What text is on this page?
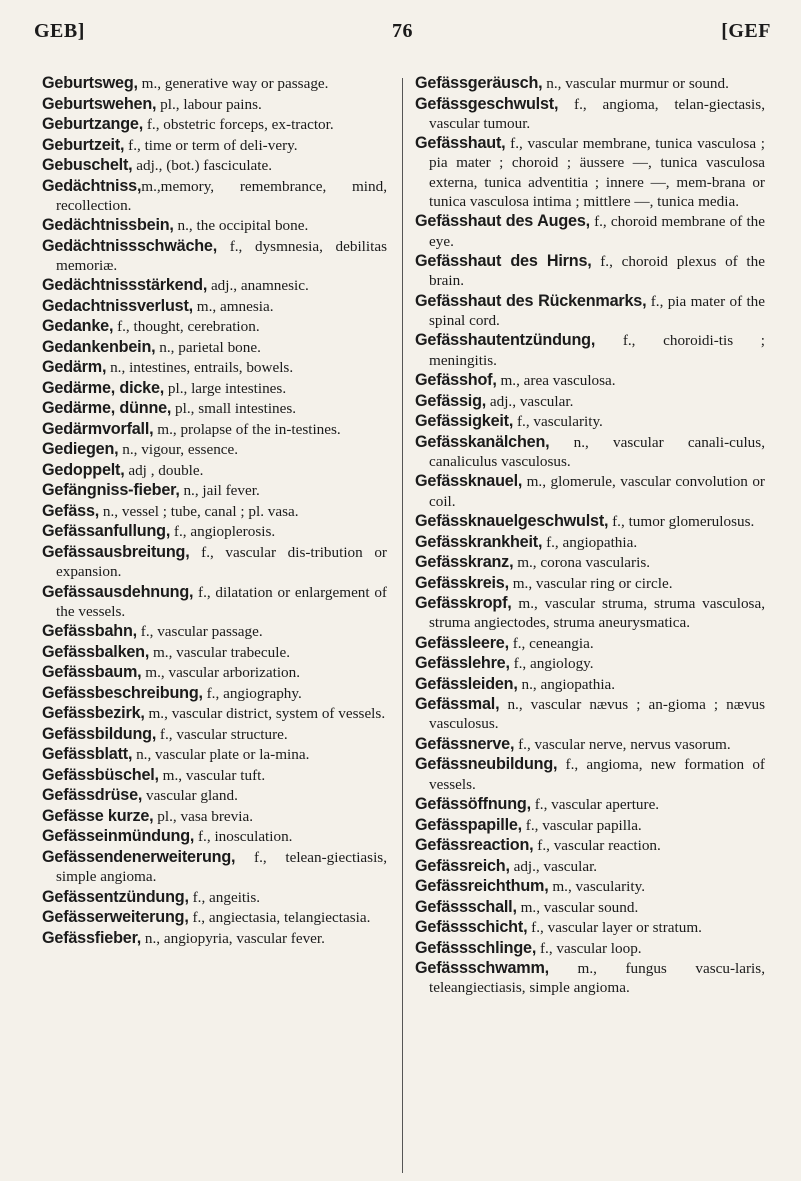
GEB]	76	[GEF

Geburtsweg, m., generative way or passage.

Geburtswehen, pl., labour pains.

Geburtzange, f., obstetric forceps, ex-tractor.

Geburtzeit, f., time or term of deli-very.

Gebuschelt, adj., (bot.) fasciculate.

Gedächtniss,m.,memory, remembrance, mind, recollection.

Gedächtnissbein, n., the occipital bone.

Gedächtnissschwäche, f., dysmnesia, debilitas memoriæ.

Gedächtnissstärkend, adj., anamnesic.

Gedachtnissverlust, m., amnesia.

Gedanke, f., thought, cerebration.

Gedankenbein, n., parietal bone.

Gedärm, n., intestines, entrails, bowels.

Gedärme, dicke, pl., large intestines.

Gedärme, dünne, pl., small intestines.

Gedärmvorfall, m., prolapse of the in-testines.

Gediegen, n., vigour, essence.

Gedoppelt, adj , double.

Gefängniss-fieber, n., jail fever.

Gefäss, n., vessel ; tube, canal ; pl. vasa.

Gefässanfullung, f., angioplerosis.

Gefässausbreitung, f., vascular dis-tribution or expansion.

Gefässausdehnung, f., dilatation or enlargement of the vessels.

Gefässbahn, f., vascular passage.

Gefässbalken, m., vascular trabecule.

Gefässbaum, m., vascular arborization.

Gefässbeschreibung, f., angiography.

Gefässbezirk, m., vascular district, system of vessels.

Gefässbildung, f., vascular structure.

Gefässblatt, n., vascular plate or la-mina.

Gefässbüschel, m., vascular tuft.

Gefässdrüse, vascular gland.

Gefässe kurze, pl., vasa brevia.

Gefässeinmündung, f., inosculation.

Gefässendenerweiterung, f., telean-giectiasis, simple angioma.

Gefässentzündung, f., angeitis.

Gefässerweiterung, f., angiectasia, telangiectasia.

Gefässfieber, n., angiopyria, vascular fever.

Gefässgeräusch, n., vascular murmur or sound.

Gefässgeschwulst, f., angioma, telan-giectasis, vascular tumour.

Gefässhaut, f., vascular membrane, tunica vasculosa ; pia mater ; choroid ; äussere —, tunica vasculosa externa, tunica adventitia ; innere —, mem-brana or tunica vasculosa intima ; mittlere —, tunica media.

Gefässhaut des Auges, f., choroid membrane of the eye.

Gefässhaut des Hirns, f., choroid plexus of the brain.

Gefässhaut des Rückenmarks, f., pia mater of the spinal cord.

Gefässhautentzündung, f., choroidi-tis ; meningitis.

Gefässhof, m., area vasculosa.

Gefässig, adj., vascular.

Gefässigkeit, f., vascularity.

Gefässkanälchen, n., vascular canali-culus, canaliculus vasculosus.

Gefässknauel, m., glomerule, vascular convolution or coil.

Gefässknauelgeschwulst, f., tumor glomerulosus.

Gefässkrankheit, f., angiopathia.

Gefässkranz, m., corona vascularis.

Gefässkreis, m., vascular ring or circle.

Gefässkropf, m., vascular struma, struma vasculosa, struma angiectodes, struma aneurysmatica.

Gefässleere, f., ceneangia.

Gefässlehre, f., angiology.

Gefässleiden, n., angiopathia.

Gefässmal, n., vascular nævus ; an-gioma ; nævus vasculosus.

Gefässnerve, f., vascular nerve, nervus vasorum.

Gefässneubildung, f., angioma, new formation of vessels.

Gefässöffnung, f., vascular aperture.

Gefässpapille, f., vascular papilla.

Gefässreaction, f., vascular reaction.

Gefässreich, adj., vascular.

Gefässreichthum, m., vascularity.

Gefässschall, m., vascular sound.

Gefässschicht, f., vascular layer or stratum.

Gefässschlinge, f., vascular loop.

Gefässschwamm, m., fungus vascu-laris, teleangiectiasis, simple angioma.
